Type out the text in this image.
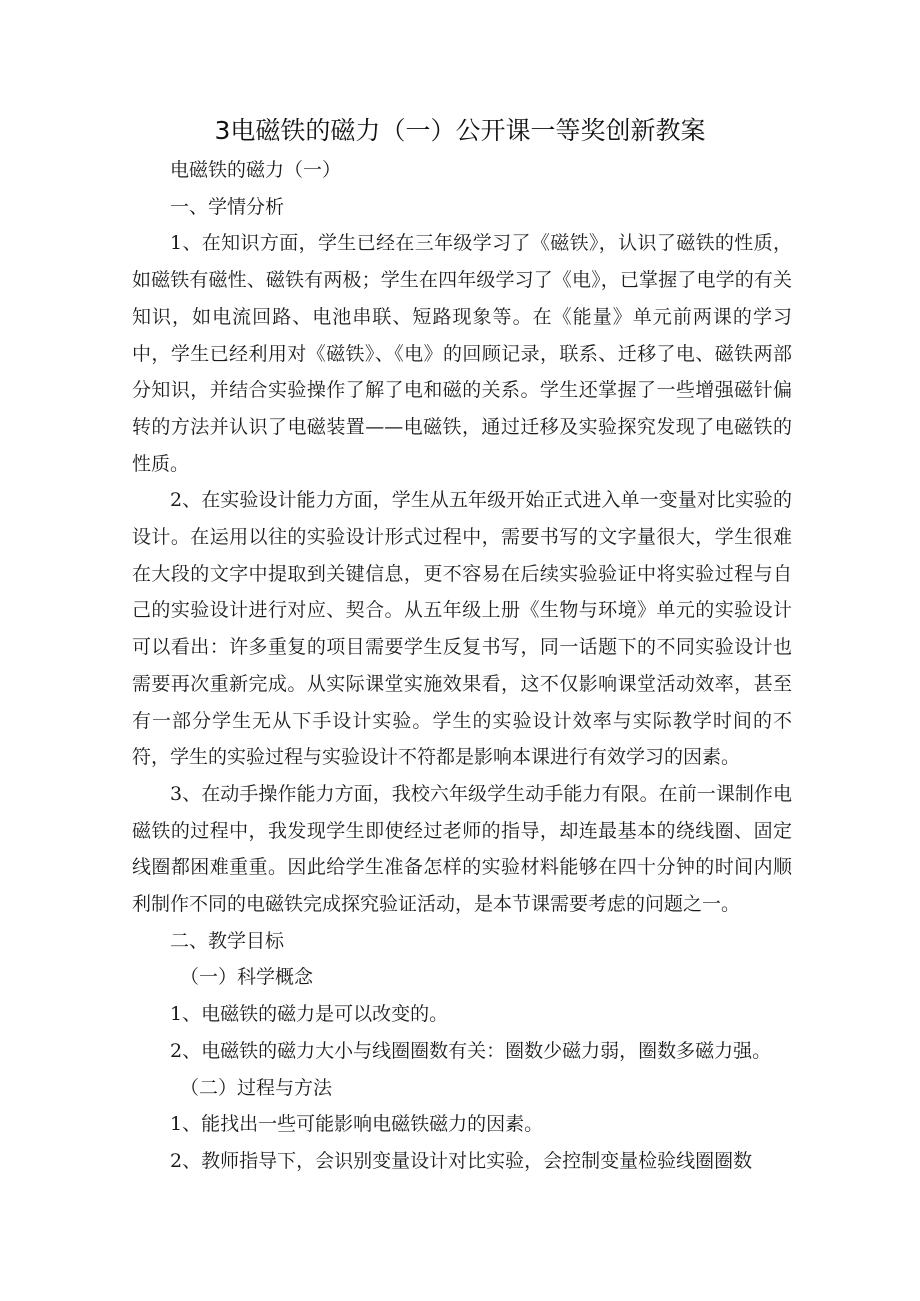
3电磁铁的磁力（一）公开课一等奖创新教案

电磁铁的磁力（一）

一、学情分析

1、在知识方面，学生已经在三年级学习了《磁铁》，认识了磁铁的性质，如磁铁有磁性、磁铁有两极；学生在四年级学习了《电》，已掌握了电学的有关知识，如电流回路、电池串联、短路现象等。在《能量》单元前两课的学习中，学生已经利用对《磁铁》、《电》的回顾记录，联系、迁移了电、磁铁两部分知识，并结合实验操作了解了电和磁的关系。学生还掌握了一些增强磁针偏转的方法并认识了电磁装置——电磁铁，通过迁移及实验探究发现了电磁铁的性质。

2、在实验设计能力方面，学生从五年级开始正式进入单一变量对比实验的设计。在运用以往的实验设计形式过程中，需要书写的文字量很大，学生很难在大段的文字中提取到关键信息，更不容易在后续实验验证中将实验过程与自己的实验设计进行对应、契合。从五年级上册《生物与环境》单元的实验设计可以看出：许多重复的项目需要学生反复书写，同一话题下的不同实验设计也需要再次重新完成。从实际课堂实施效果看，这不仅影响课堂活动效率，甚至有一部分学生无从下手设计实验。学生的实验设计效率与实际教学时间的不符，学生的实验过程与实验设计不符都是影响本课进行有效学习的因素。

3、在动手操作能力方面，我校六年级学生动手能力有限。在前一课制作电磁铁的过程中，我发现学生即使经过老师的指导，却连最基本的绕线圈、固定线圈都困难重重。因此给学生准备怎样的实验材料能够在四十分钟的时间内顺利制作不同的电磁铁完成探究验证活动，是本节课需要考虑的问题之一。

二、教学目标

（一）科学概念

1、电磁铁的磁力是可以改变的。

2、电磁铁的磁力大小与线圈圈数有关：圈数少磁力弱，圈数多磁力强。

（二）过程与方法

1、能找出一些可能影响电磁铁磁力的因素。

2、教师指导下，会识别变量设计对比实验，会控制变量检验线圈圈数
